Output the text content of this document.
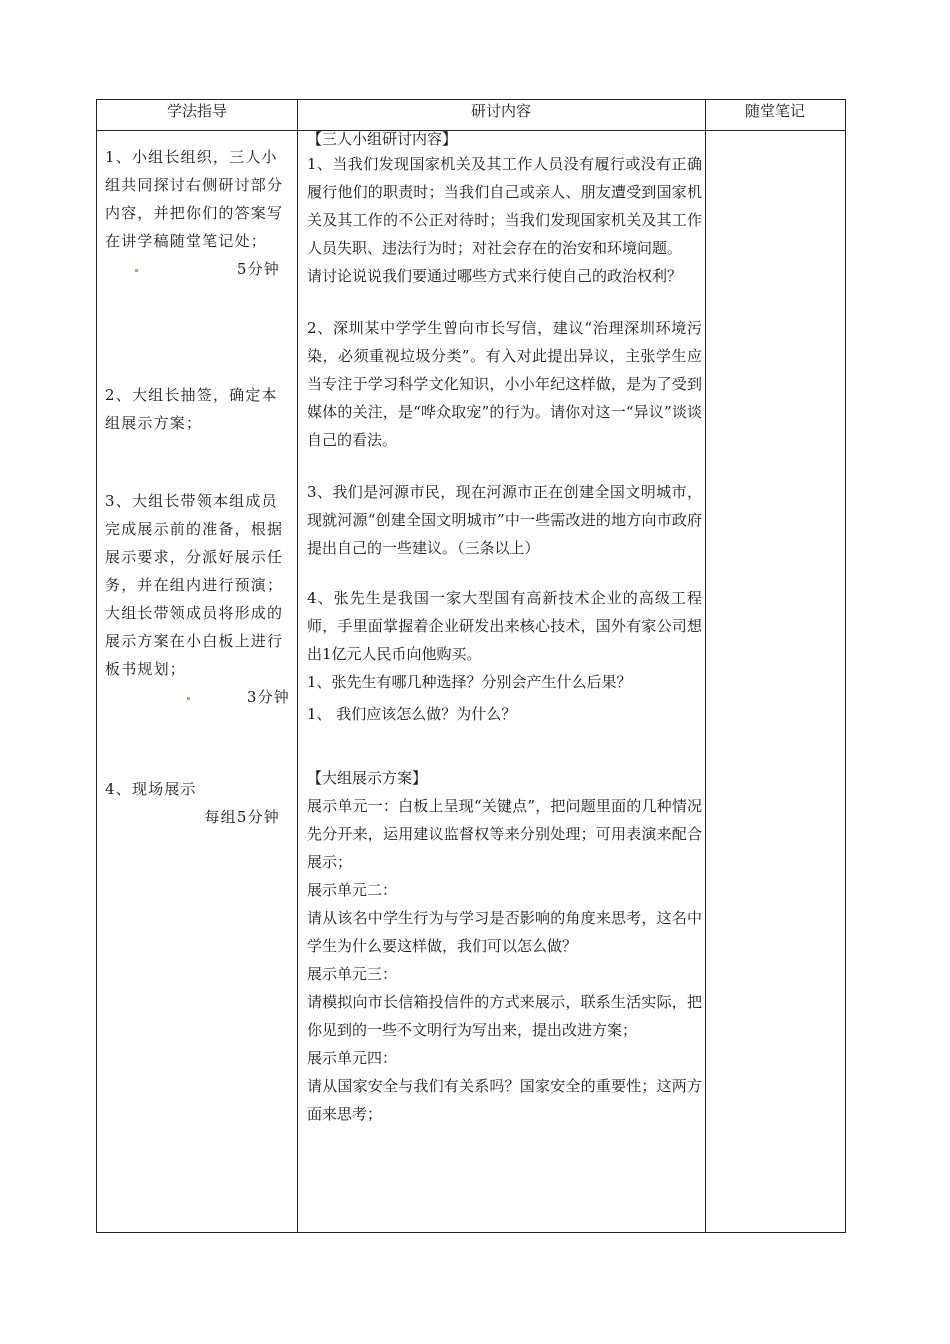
学法指导	研讨内容	随堂笔记

1、小组长组织，三人小组共同探讨右侧研讨部分内容，并把你们的答案写在讲学稿随堂笔记处；

5分钟

2、大组长抽签，确定本组展示方案；

3、大组长带领本组成员完成展示前的准备，根据展示要求，分派好展示任务，并在组内进行预演；

大组长带领成员将形成的展示方案在小白板上进行板书规划；

3分钟

4、现场展示

每组5分钟

【三人小组研讨内容】

1、当我们发现国家机关及其工作人员没有履行或没有正确履行他们的职责时；当我们自己或亲人、朋友遭受到国家机关及其工作的不公正对待时；当我们发现国家机关及其工作人员失职、违法行为时；对社会存在的治安和环境问题。

请讨论说说我们要通过哪些方式来行使自己的政治权利？

2、深圳某中学学生曾向市长写信，建议“治理深圳环境污染，必须重视垃圾分类”。有入对此提出异议，主张学生应当专注于学习科学文化知识，小小年纪这样做，是为了受到媒体的关注，是“哗众取宠”的行为。请你对这一“异议”谈谈自己的看法。

3、我们是河源市民，现在河源市正在创建全国文明城市，现就河源“创建全国文明城市”中一些需改进的地方向市政府提出自己的一些建议。（三条以上）

4、张先生是我国一家大型国有高新技术企业的高级工程师，手里面掌握着企业研发出来核心技术，国外有家公司想出1亿元人民币向他购买。

1、张先生有哪几种选择？分别会产生什么后果？

1、 我们应该怎么做？为什么？

【大组展示方案】

展示单元一：白板上呈现“关键点”，把问题里面的几种情况先分开来，运用建议监督权等来分别处理；可用表演来配合展示；

展示单元二：

请从该名中学生行为与学习是否影响的角度来思考，这名中学生为什么要这样做，我们可以怎么做？

展示单元三：

请模拟向市长信箱投信件的方式来展示，联系生活实际，把你见到的一些不文明行为写出来，提出改进方案；

展示单元四：

请从国家安全与我们有关系吗？国家安全的重要性；这两方面来思考；
